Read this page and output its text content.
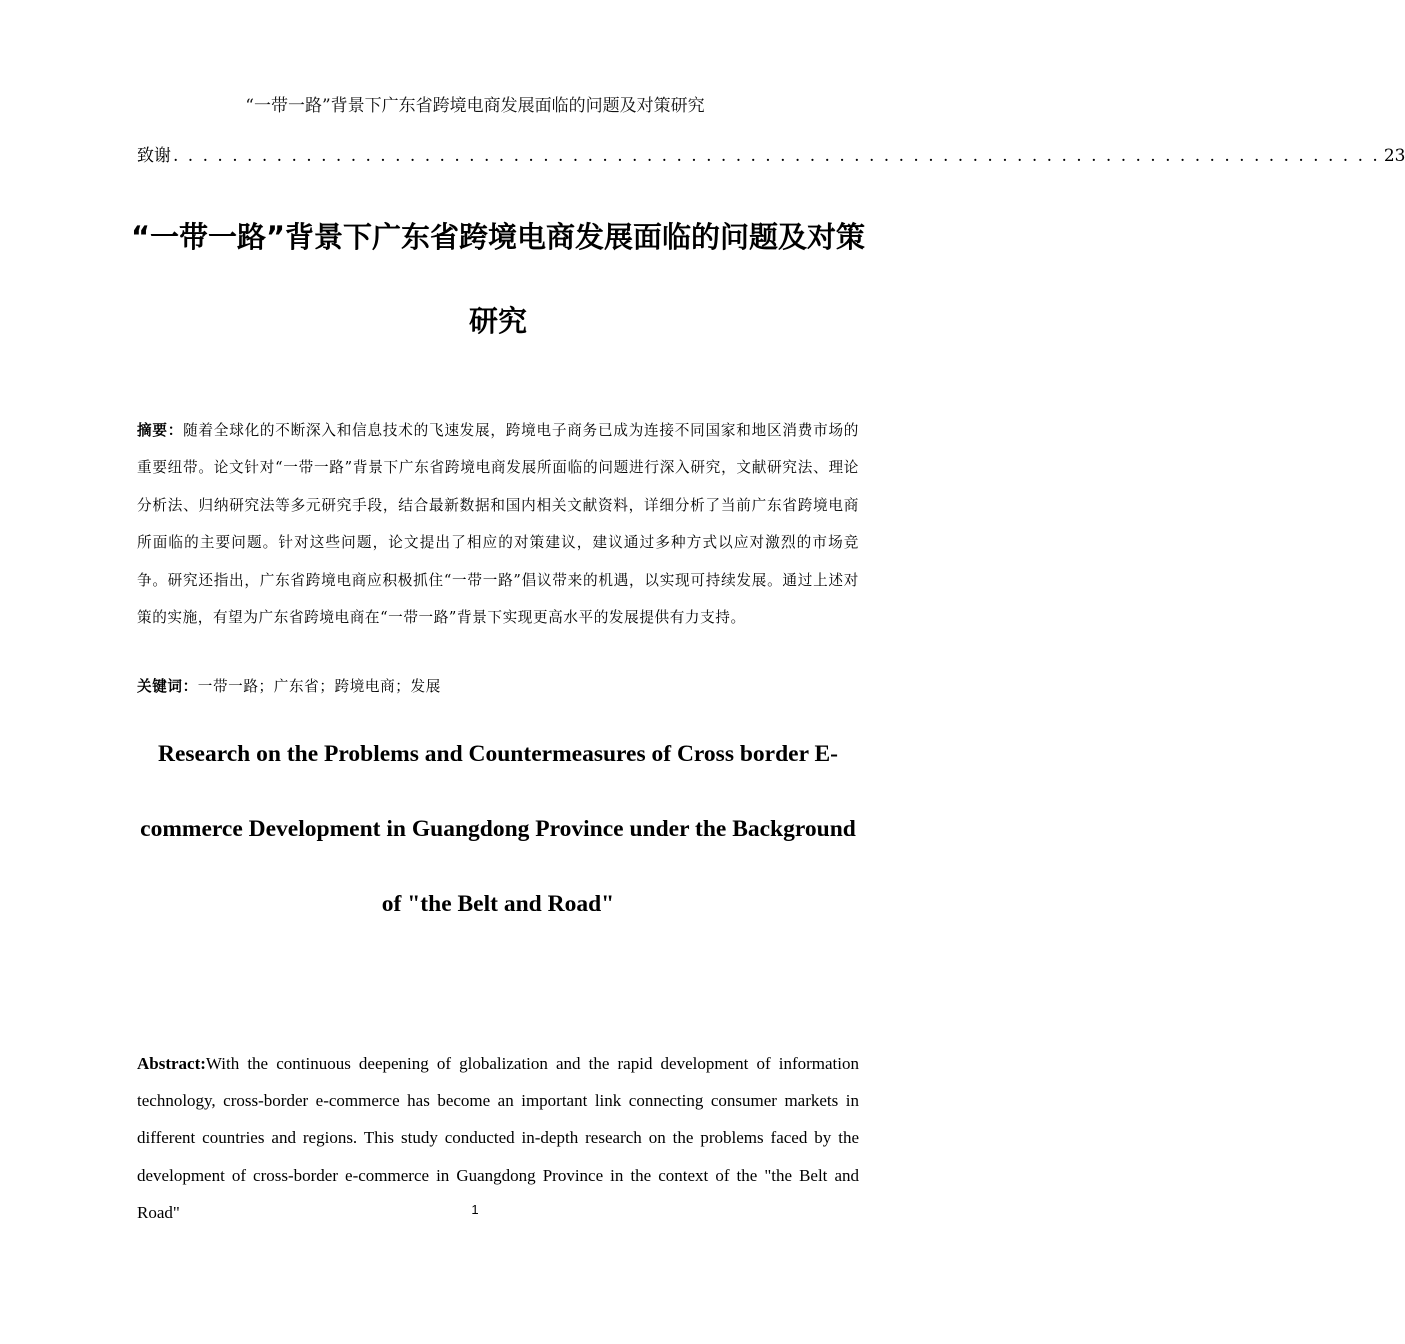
“一带一路”背景下广东省跨境电商发展面临的问题及对策研究
致谢 . . . . . . . . . . . . . . . . . . . . . . . . . . . . . . . . . . . . . . . . . . . . . . . . . . . . . . . . . . . . . . . . . . . . . . . . . . . . . . . . . . 23
“一带一路”背景下广东省跨境电商发展面临的问题及对策研究
摘要：随着全球化的不断深入和信息技术的飞速发展，跨境电子商务已成为连接不同国家和地区消费市场的重要纽带。论文针对“一带一路”背景下广东省跨境电商发展所面临的问题进行深入研究，文献研究法、理论分析法、归纳研究法等多元研究手段，结合最新数据和国内相关文献资料，详细分析了当前广东省跨境电商所面临的主要问题。针对这些问题，论文提出了相应的对策建议，建议通过多种方式以应对激烈的市场竞争。研究还指出，广东省跨境电商应积极抓住“一带一路”倡议带来的机遇，以实现可持续发展。通过上述对策的实施，有望为广东省跨境电商在“一带一路”背景下实现更高水平的发展提供有力支持。
关键词：一带一路；广东省；跨境电商；发展
Research on the Problems and Countermeasures of Cross border E-commerce Development in Guangdong Province under the Background of "the Belt and Road"
Abstract:With the continuous deepening of globalization and the rapid development of information technology, cross-border e-commerce has become an important link connecting consumer markets in different countries and regions. This study conducted in-depth research on the problems faced by the development of cross-border e-commerce in Guangdong Province in the context of the "the Belt and Road"	1
